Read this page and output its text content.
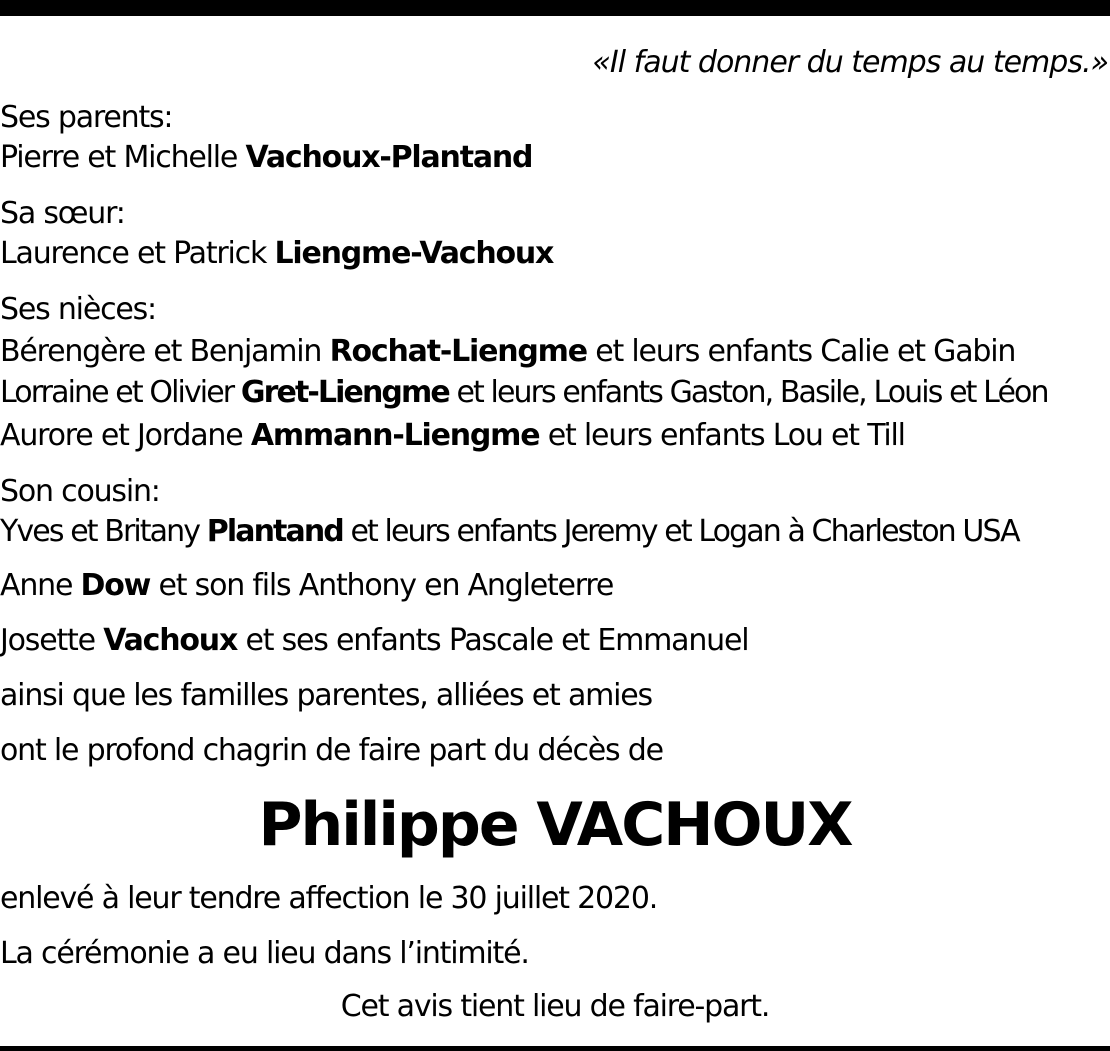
«Il faut donner du temps au temps.»

Ses parents:

Pierre et Michelle Vachoux-Plantand

Sa sœur:

Laurence et Patrick Liengme-Vachoux

Ses nièces:

Bérengère et Benjamin Rochat-Liengme et leurs enfants Calie et Gabin

Lorraine et Olivier Gret-Liengme et leurs enfants Gaston, Basile, Louis et Léon

Aurore et Jordane Ammann-Liengme et leurs enfants Lou et Till

Son cousin:

Yves et Britany Plantand et leurs enfants Jeremy et Logan à Charleston USA

Anne Dow et son fils Anthony en Angleterre

Josette Vachoux et ses enfants Pascale et Emmanuel

ainsi que les familles parentes, alliées et amies

ont le profond chagrin de faire part du décès de

Philippe VACHOUX

enlevé à leur tendre affection le 30 juillet 2020.

La cérémonie a eu lieu dans l’intimité.

Cet avis tient lieu de faire-part.
